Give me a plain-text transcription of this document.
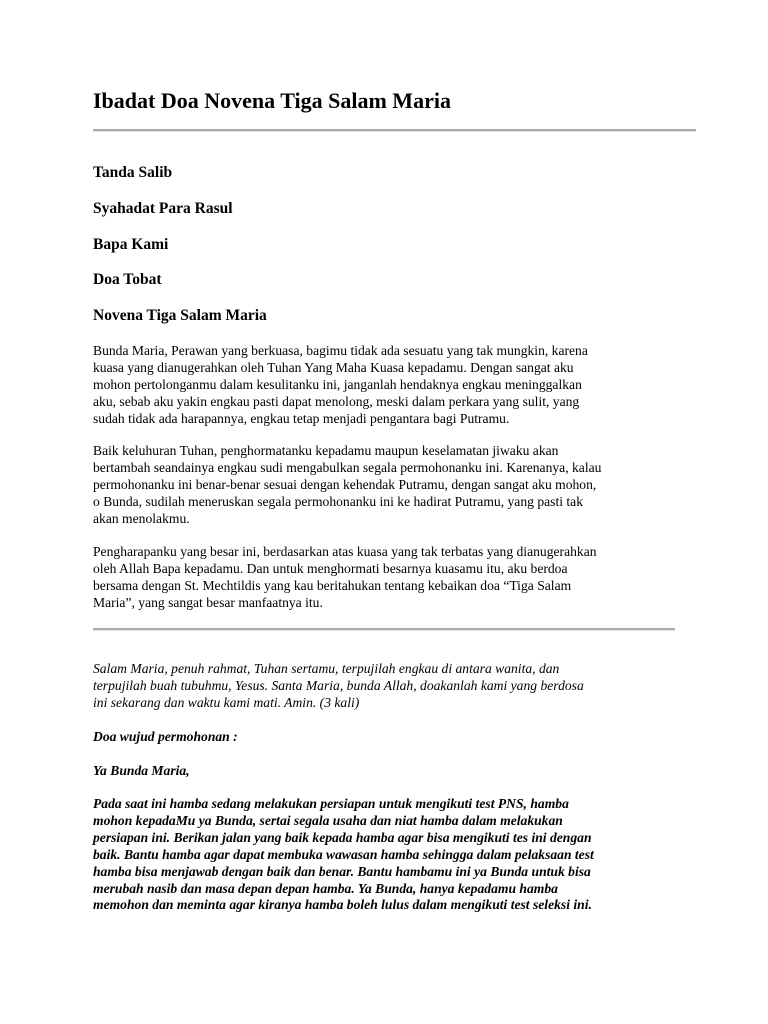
Ibadat Doa Novena Tiga Salam Maria
Tanda Salib
Syahadat Para Rasul
Bapa Kami
Doa Tobat
Novena Tiga Salam Maria

Bunda Maria, Perawan yang berkuasa, bagimu tidak ada sesuatu yang tak mungkin, karena
kuasa yang dianugerahkan oleh Tuhan Yang Maha Kuasa kepadamu. Dengan sangat aku
mohon pertolonganmu dalam kesulitanku ini, janganlah hendaknya engkau meninggalkan
aku, sebab aku yakin engkau pasti dapat menolong, meski dalam perkara yang sulit, yang
sudah tidak ada harapannya, engkau tetap menjadi pengantara bagi Putramu.

Baik keluhuran Tuhan, penghormatanku kepadamu maupun keselamatan jiwaku akan
bertambah seandainya engkau sudi mengabulkan segala permohonanku ini. Karenanya, kalau
permohonanku ini benar-benar sesuai dengan kehendak Putramu, dengan sangat aku mohon,
o Bunda, sudilah meneruskan segala permohonanku ini ke hadirat Putramu, yang pasti tak
akan menolakmu.

Pengharapanku yang besar ini, berdasarkan atas kuasa yang tak terbatas yang dianugerahkan
oleh Allah Bapa kepadamu. Dan untuk menghormati besarnya kuasamu itu, aku berdoa
bersama dengan St. Mechtildis yang kau beritahukan tentang kebaikan doa “Tiga Salam
Maria”, yang sangat besar manfaatnya itu.

Salam Maria, penuh rahmat, Tuhan sertamu, terpujilah engkau di antara wanita, dan
terpujilah buah tubuhmu, Yesus. Santa Maria, bunda Allah, doakanlah kami yang berdosa
ini sekarang dan waktu kami mati. Amin. (3 kali)

Doa wujud permohonan :

Ya Bunda Maria,

Pada saat ini hamba sedang melakukan persiapan untuk mengikuti test PNS, hamba
mohon kepadaMu ya Bunda, sertai segala usaha dan niat hamba dalam melakukan
persiapan ini. Berikan jalan yang baik kepada hamba agar bisa mengikuti tes ini dengan
baik. Bantu hamba agar dapat membuka wawasan hamba sehingga dalam pelaksaan test
hamba bisa menjawab dengan baik dan benar. Bantu hambamu ini ya Bunda untuk bisa
merubah nasib dan masa depan depan hamba. Ya Bunda, hanya kepadamu hamba
memohon dan meminta agar kiranya hamba boleh lulus dalam mengikuti test seleksi ini.
